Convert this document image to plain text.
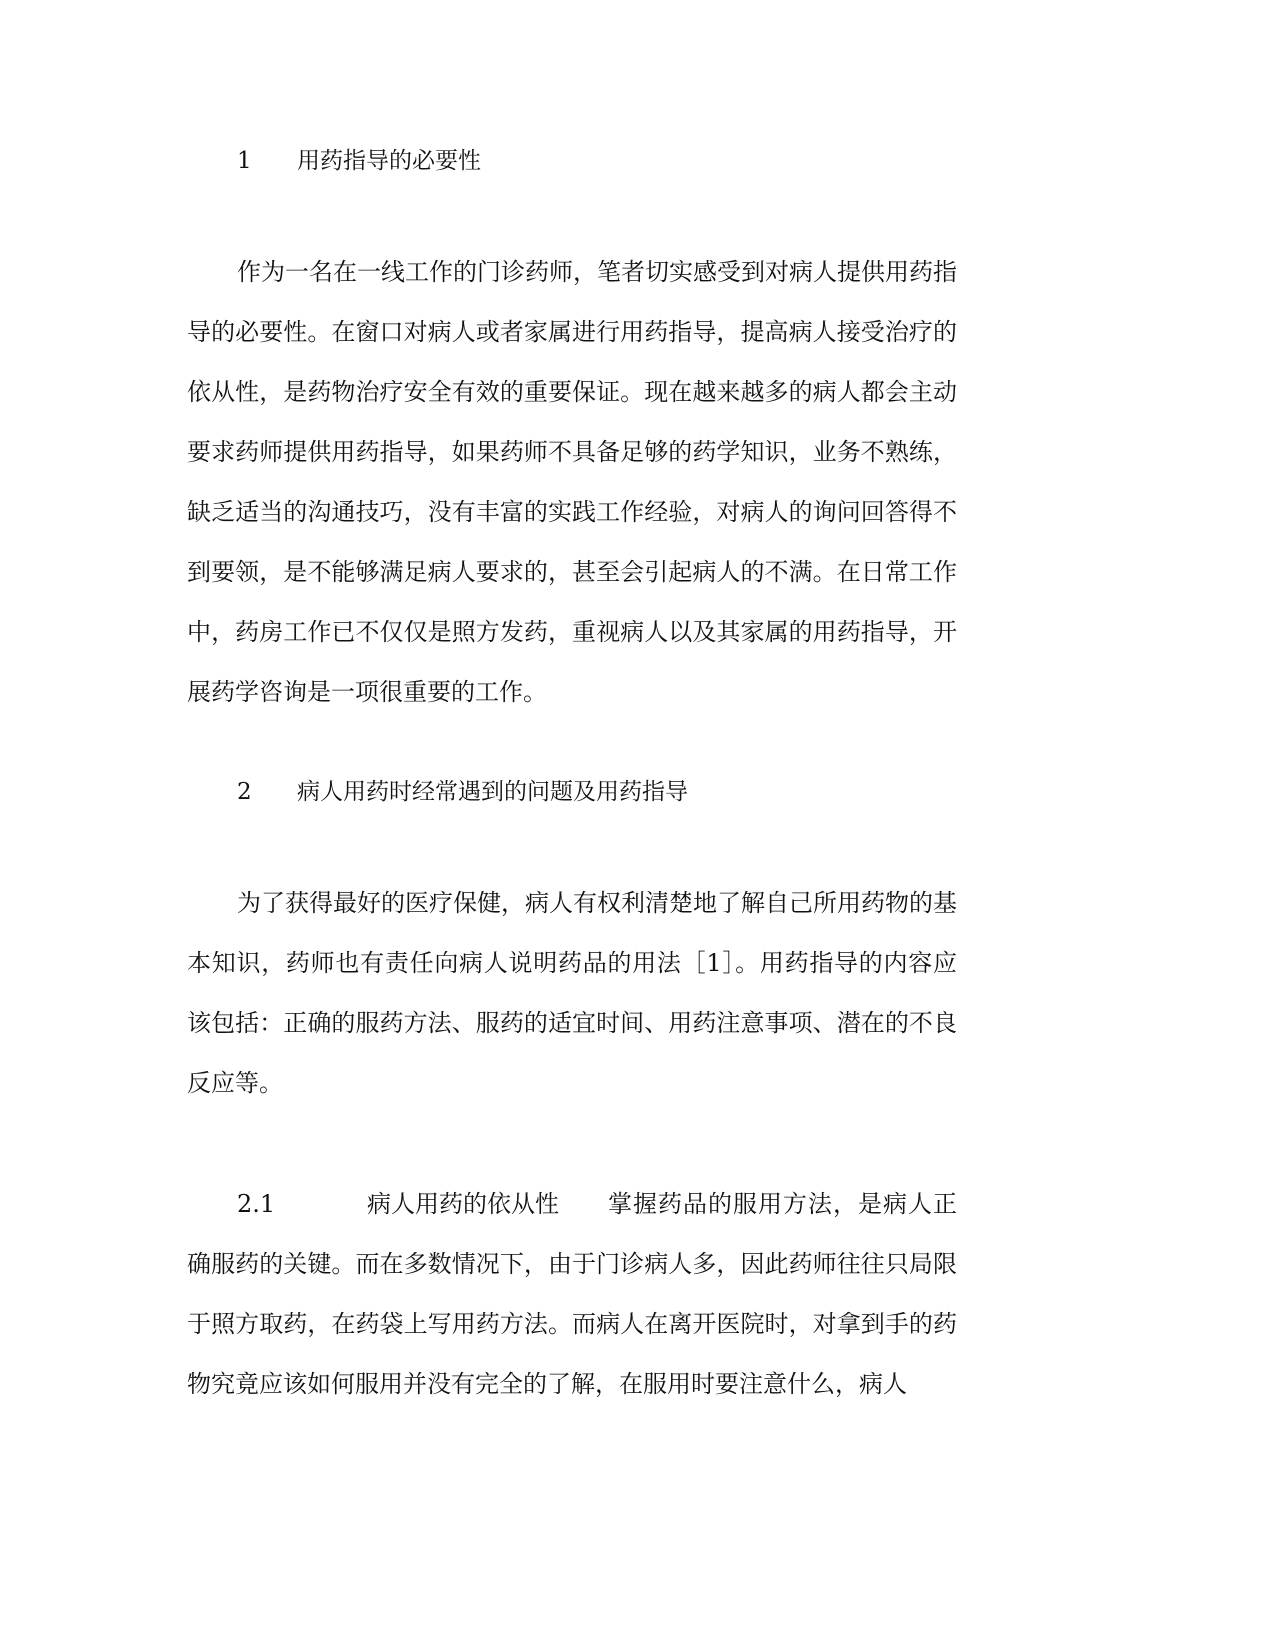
1 用药指导的必要性

作为一名在一线工作的门诊药师，笔者切实感受到对病人提供用药指导的必要性。在窗口对病人或者家属进行用药指导，提高病人接受治疗的依从性，是药物治疗安全有效的重要保证。现在越来越多的病人都会主动要求药师提供用药指导，如果药师不具备足够的药学知识，业务不熟练，缺乏适当的沟通技巧，没有丰富的实践工作经验，对病人的询问回答得不到要领，是不能够满足病人要求的，甚至会引起病人的不满。在日常工作中，药房工作已不仅仅是照方发药，重视病人以及其家属的用药指导，开展药学咨询是一项很重要的工作。

2 病人用药时经常遇到的问题及用药指导

为了获得最好的医疗保健，病人有权利清楚地了解自己所用药物的基本知识，药师也有责任向病人说明药品的用法［1］。用药指导的内容应该包括：正确的服药方法、服药的适宜时间、用药注意事项、潜在的不良反应等。

2.1	病人用药的依从性 掌握药品的服用方法，是病人正确服药的关键。而在多数情况下，由于门诊病人多，因此药师往往只局限于照方取药，在药袋上写用药方法。而病人在离开医院时，对拿到手的药物究竟应该如何服用并没有完全的了解，在服用时要注意什么，病人
